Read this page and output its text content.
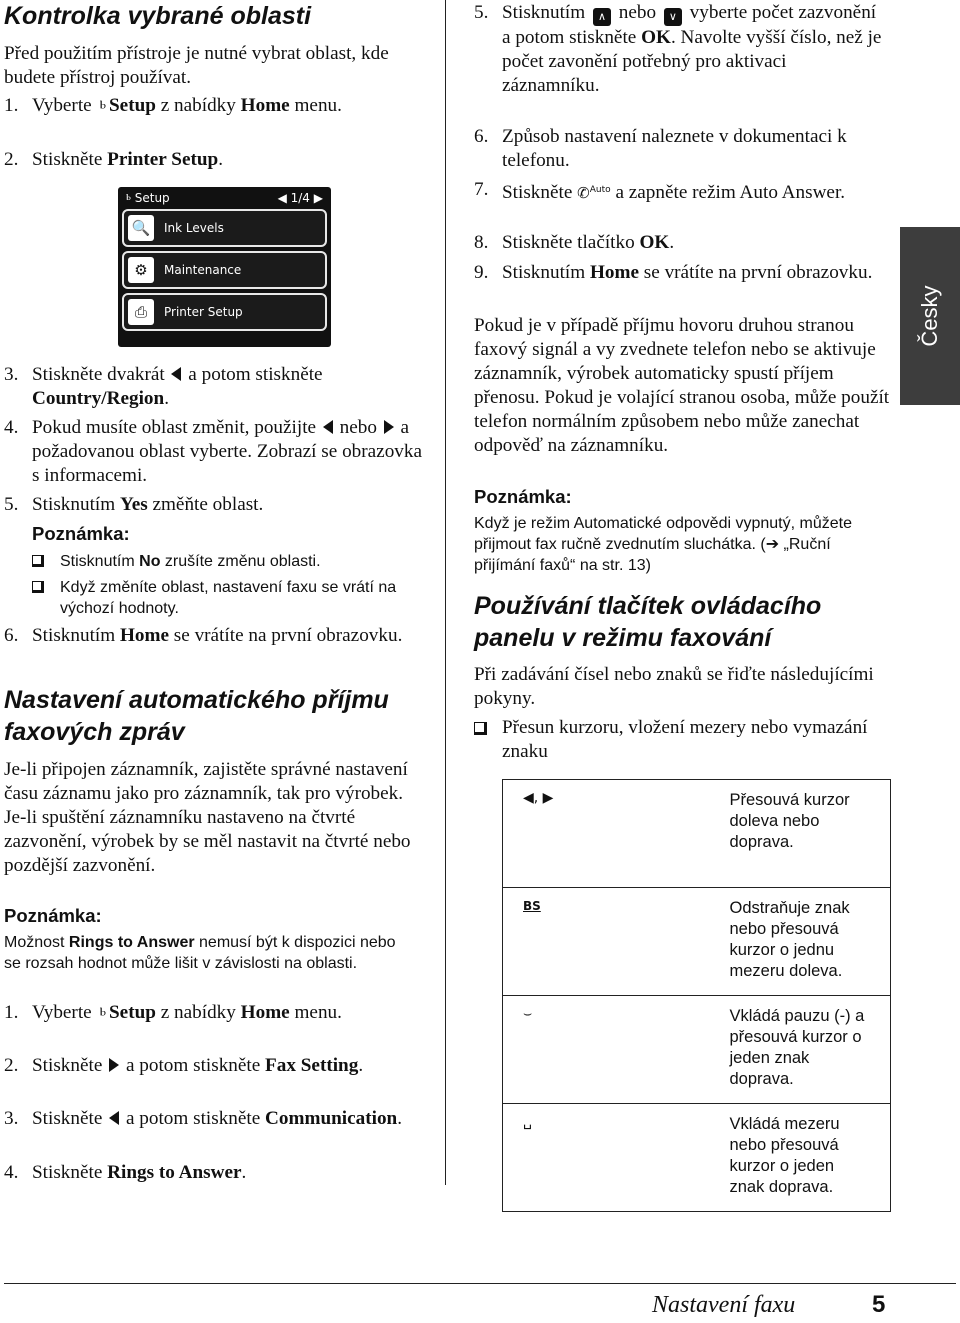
Kontrolka vybrané oblasti

Před použitím přístroje je nutné vybrat oblast, kde budete přístroj používat.

1. Vyberte ⱃ Setup z nabídky Home menu.
2. Stiskněte Printer Setup.
ⱃ Setup	◀ 1/4 ▶
🔍	Ink Levels
⚙	Maintenance
⎙	Printer Setup
3. Stiskněte dvakrát a potom stiskněte Country/Region.
4. Pokud musíte oblast změnit, použijte nebo a požadovanou oblast vyberte. Zobrazí se obrazovka s informacemi.
5. Stisknutím Yes změňte oblast.
Poznámka:
Stisknutím No zrušíte změnu oblasti.
Když změníte oblast, nastavení faxu se vrátí na výchozí hodnoty.
6. Stisknutím Home se vrátíte na první obrazovku.
Nastavení automatického příjmu faxových zpráv

Je-li připojen záznamník, zajistěte správné nastavení času záznamu jako pro záznamník, tak pro výrobek. Je-li spuštění záznamníku nastaveno na čtvrté zazvonění, výrobek by se měl nastavit na čtvrté nebo pozdější zazvonění.

Poznámka:
Možnost Rings to Answer nemusí být k dispozici nebo se rozsah hodnot může lišit v závislosti na oblasti.
1. Vyberte ⱃ Setup z nabídky Home menu.
2. Stiskněte a potom stiskněte Fax Setting.
3. Stiskněte a potom stiskněte Communication.
4. Stiskněte Rings to Answer.
5. Stisknutím ∧ nebo ∨ vyberte počet zazvonění a potom stiskněte OK. Navolte vyšší číslo, než je počet zavonění potřebný pro aktivaci záznamníku.
6. Způsob nastavení naleznete v dokumentaci k telefonu.
7. Stiskněte ✆$^{Auto}$ a zapněte režim Auto Answer.
8. Stiskněte tlačítko OK.
9. Stisknutím Home se vrátíte na první obrazovku.

Pokud je v případě příjmu hovoru druhou stranou faxový signál a vy zvednete telefon nebo se aktivuje záznamník, výrobek automaticky spustí příjem přenosu. Pokud je volající stranou osoba, může použít telefon normálním způsobem nebo může zanechat odpověď na záznamníku.

Poznámka:
Když je režim Automatické odpovědi vypnutý, můžete přijmout fax ručně zvednutím sluchátka. (➔ „Ruční přijímání faxů“ na str. 13)
Používání tlačítek ovládacího panelu v režimu faxování

Při zadávání čísel nebo znaků se řiďte následujícími pokyny.

Přesun kurzoru, vložení mezery nebo vymazání znaku
◀, ▶	Přesouvá kurzor doleva nebo doprava.
BS	Odstraňuje znak nebo přesouvá kurzor o jednu mezeru doleva.
⌣	Vkládá pauzu (-) a přesouvá kurzor o jeden znak doprava.
␣	Vkládá mezeru nebo přesouvá kurzor o jeden znak doprava.
Česky
Nastavení faxu	5
